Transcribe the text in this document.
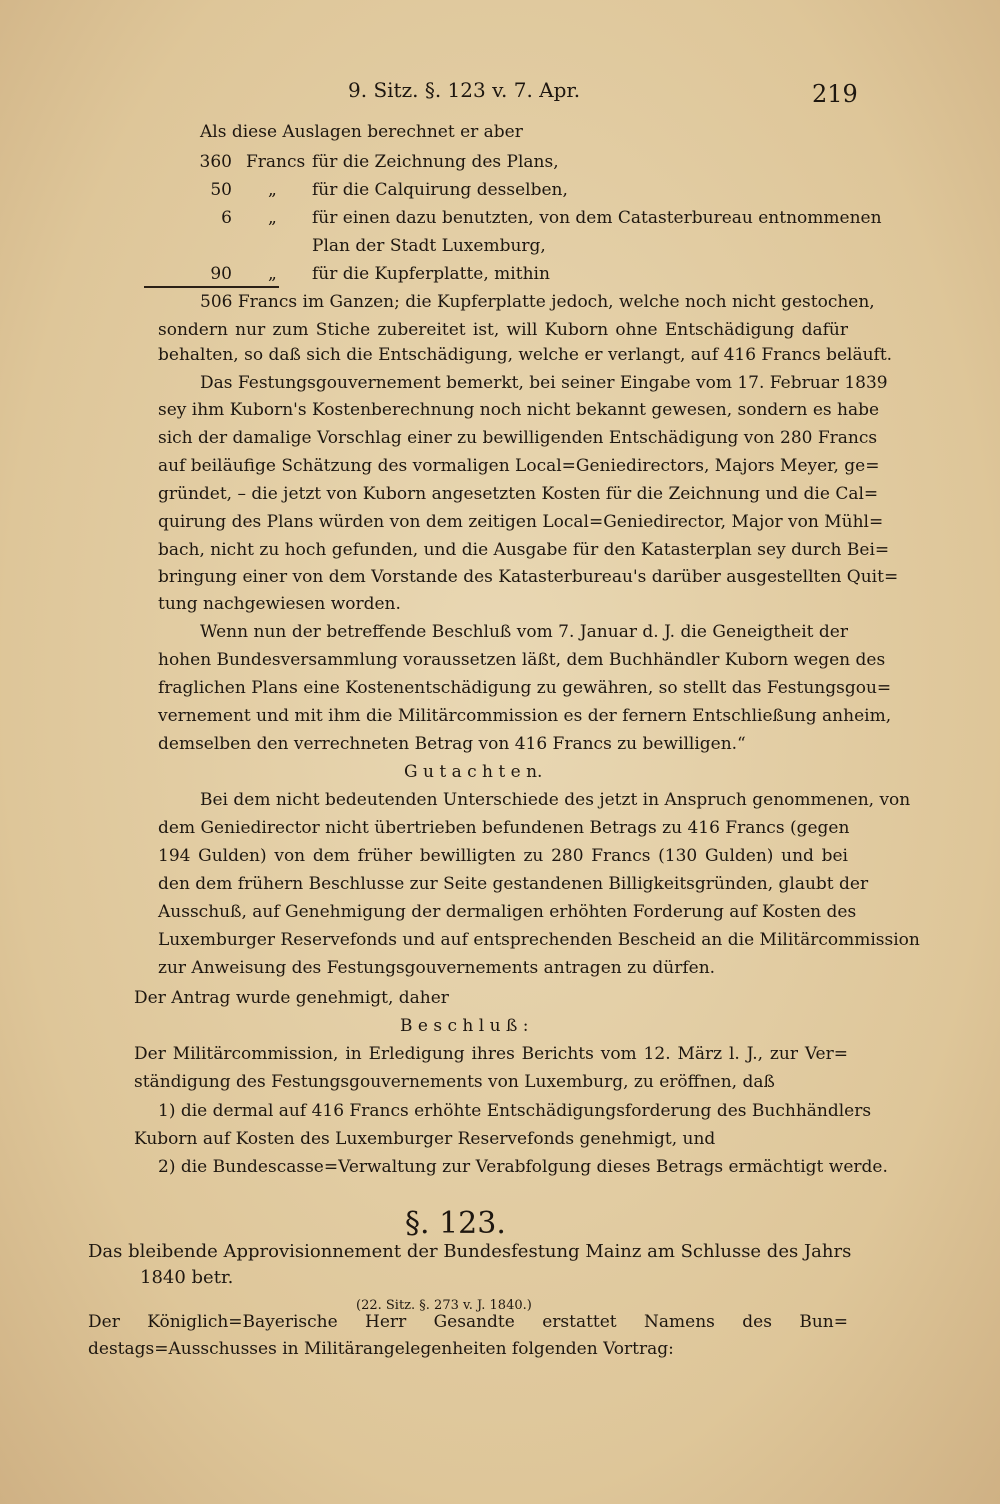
9. Sitz. §. 123 v. 7. Apr.	219
Als diese Auslagen berechnet er aber
360 Francs für die Zeichnung des Plans,
50 „ für die Calquirung desselben,
6 „ für einen dazu benutzten, von dem Catasterbureau entnommenen
Plan der Stadt Luxemburg,
90 „ für die Kupferplatte, mithin
506 Francs im Ganzen; die Kupferplatte jedoch, welche noch nicht gestochen,
sondern nur zum Stiche zubereitet ist, will Kuborn ohne Entschädigung dafür
behalten, so daß sich die Entschädigung, welche er verlangt, auf 416 Francs beläuft.
Das Festungsgouvernement bemerkt, bei seiner Eingabe vom 17. Februar 1839
sey ihm Kuborn's Kostenberechnung noch nicht bekannt gewesen, sondern es habe
sich der damalige Vorschlag einer zu bewilligenden Entschädigung von 280 Francs
auf beiläufige Schätzung des vormaligen Local=Geniedirectors, Majors Meyer, ge=
gründet, – die jetzt von Kuborn angesetzten Kosten für die Zeichnung und die Cal=
quirung des Plans würden von dem zeitigen Local=Geniedirector, Major von Mühl=
bach, nicht zu hoch gefunden, und die Ausgabe für den Katasterplan sey durch Bei=
bringung einer von dem Vorstande des Katasterbureau's darüber ausgestellten Quit=
tung nachgewiesen worden.
Wenn nun der betreffende Beschluß vom 7. Januar d. J. die Geneigtheit der
hohen Bundesversammlung voraussetzen läßt, dem Buchhändler Kuborn wegen des
fraglichen Plans eine Kostenentschädigung zu gewähren, so stellt das Festungsgou=
vernement und mit ihm die Militärcommission es der fernern Entschließung anheim,
demselben den verrechneten Betrag von 416 Francs zu bewilligen.“
G u t a c h t e n.
Bei dem nicht bedeutenden Unterschiede des jetzt in Anspruch genommenen, von
dem Geniedirector nicht übertrieben befundenen Betrags zu 416 Francs (gegen
194 Gulden) von dem früher bewilligten zu 280 Francs (130 Gulden) und bei
den dem frühern Beschlusse zur Seite gestandenen Billigkeitsgründen, glaubt der
Ausschuß, auf Genehmigung der dermaligen erhöhten Forderung auf Kosten des
Luxemburger Reservefonds und auf entsprechenden Bescheid an die Militärcommission
zur Anweisung des Festungsgouvernements antragen zu dürfen.
Der Antrag wurde genehmigt, daher
B e s c h l u ß :
Der Militärcommission, in Erledigung ihres Berichts vom 12. März l. J., zur Ver=
ständigung des Festungsgouvernements von Luxemburg, zu eröffnen, daß
1) die dermal auf 416 Francs erhöhte Entschädigungsforderung des Buchhändlers
Kuborn auf Kosten des Luxemburger Reservefonds genehmigt, und
2) die Bundescasse=Verwaltung zur Verabfolgung dieses Betrags ermächtigt werde.
§. 123.
Das bleibende Approvisionnement der Bundesfestung Mainz am Schlusse des Jahrs
1840 betr.
(22. Sitz. §. 273 v. J. 1840.)
Der Königlich=Bayerische Herr Gesandte erstattet Namens des Bun=
destags=Ausschusses in Militärangelegenheiten folgenden Vortrag:
